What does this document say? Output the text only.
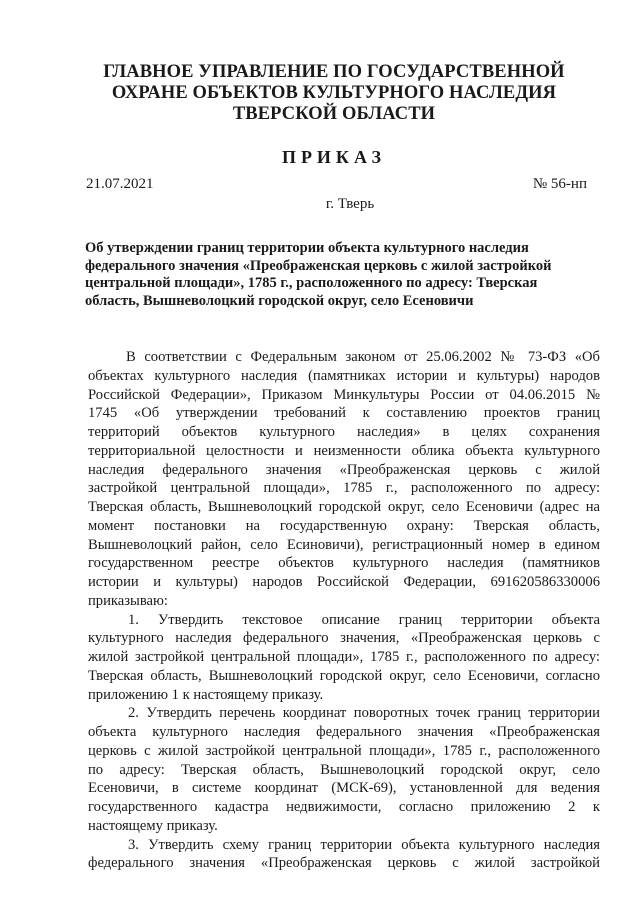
ГЛАВНОЕ УПРАВЛЕНИЕ ПО ГОСУДАРСТВЕННОЙ
ОХРАНЕ ОБЪЕКТОВ КУЛЬТУРНОГО НАСЛЕДИЯ
ТВЕРСКОЙ ОБЛАСТИ
ПРИКАЗ
21.07.2021	№ 56-нп
г. Тверь
Об утверждении границ территории объекта культурного наследия
федерального значения «Преображенская церковь с жилой застройкой
центральной площади», 1785 г., расположенного по адресу: Тверская
область, Вышневолоцкий городской округ, село Есеновичи
В соответствии с Федеральным законом от 25.06.2002 № 73-ФЗ «Об
объектах культурного наследия (памятниках истории и культуры) народов
Российской Федерации», Приказом Минкультуры России от 04.06.2015 №
1745 «Об утверждении требований к составлению проектов границ
территорий объектов культурного наследия» в целях сохранения
территориальной целостности и неизменности облика объекта культурного
наследия федерального значения «Преображенская церковь с жилой
застройкой центральной площади», 1785 г., расположенного по адресу:
Тверская область, Вышневолоцкий городской округ, село Есеновичи (адрес на
момент постановки на государственную охрану: Тверская область,
Вышневолоцкий район, село Есиновичи), регистрационный номер в едином
государственном реестре объектов культурного наследия (памятников
истории и культуры) народов Российской Федерации, 691620586330006
приказываю:
1. Утвердить текстовое описание границ территории объекта
культурного наследия федерального значения, «Преображенская церковь с
жилой застройкой центральной площади», 1785 г., расположенного по адресу:
Тверская область, Вышневолоцкий городской округ, село Есеновичи, согласно
приложению 1 к настоящему приказу.
2. Утвердить перечень координат поворотных точек границ территории
объекта культурного наследия федерального значения «Преображенская
церковь с жилой застройкой центральной площади», 1785 г., расположенного
по адресу: Тверская область, Вышневолоцкий городской округ, село
Есеновичи, в системе координат (МСК-69), установленной для ведения
государственного кадастра недвижимости, согласно приложению 2 к
настоящему приказу.
3. Утвердить схему границ территории объекта культурного наследия
федерального значения «Преображенская церковь с жилой застройкой
